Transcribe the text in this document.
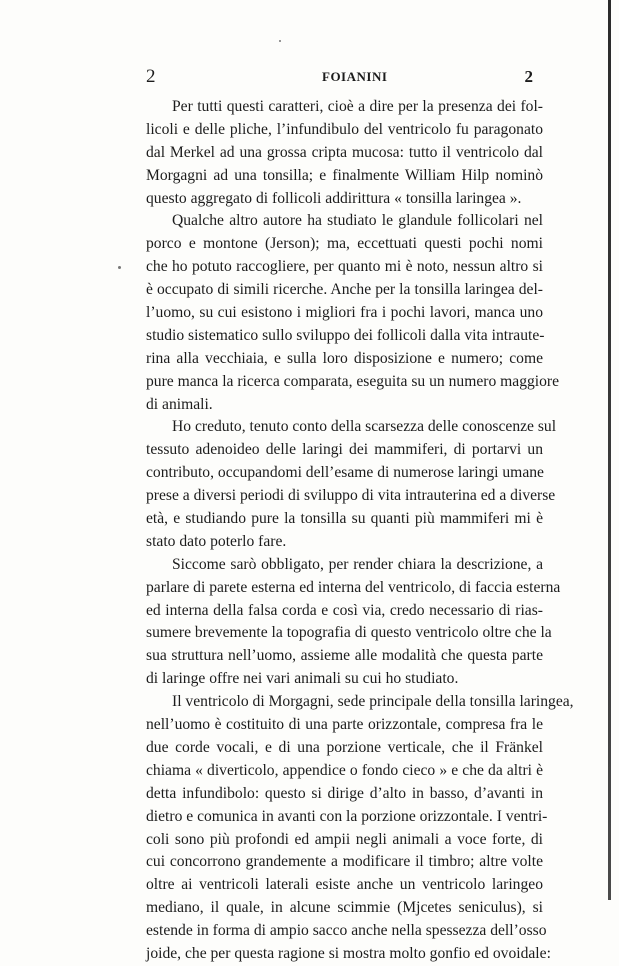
2	FOIANINI	2
Per tutti questi caratteri, cioè a dire per la presenza dei fol-
licoli e delle pliche, l’infundibulo del ventricolo fu paragonato
dal Merkel ad una grossa cripta mucosa: tutto il ventricolo dal
Morgagni ad una tonsilla; e finalmente William Hilp nominò
questo aggregato di follicoli addirittura « tonsilla laringea ».
Qualche altro autore ha studiato le glandule follicolari nel
porco e montone (Jerson); ma, eccettuati questi pochi nomi
che ho potuto raccogliere, per quanto mi è noto, nessun altro si
è occupato di simili ricerche. Anche per la tonsilla laringea del-
l’uomo, su cui esistono i migliori fra i pochi lavori, manca uno
studio sistematico sullo sviluppo dei follicoli dalla vita intraute-
rina alla vecchiaia, e sulla loro disposizione e numero; come
pure manca la ricerca comparata, eseguita su un numero maggiore
di animali.
Ho creduto, tenuto conto della scarsezza delle conoscenze sul
tessuto adenoideo delle laringi dei mammiferi, di portarvi un
contributo, occupandomi dell’esame di numerose laringi umane
prese a diversi periodi di sviluppo di vita intrauterina ed a diverse
età, e studiando pure la tonsilla su quanti più mammiferi mi è
stato dato poterlo fare.
Siccome sarò obbligato, per render chiara la descrizione, a
parlare di parete esterna ed interna del ventricolo, di faccia esterna
ed interna della falsa corda e così via, credo necessario di rias-
sumere brevemente la topografia di questo ventricolo oltre che la
sua struttura nell’uomo, assieme alle modalità che questa parte
di laringe offre nei vari animali su cui ho studiato.
Il ventricolo di Morgagni, sede principale della tonsilla laringea,
nell’uomo è costituito di una parte orizzontale, compresa fra le
due corde vocali, e di una porzione verticale, che il Fränkel
chiama « diverticolo, appendice o fondo cieco » e che da altri è
detta infundibolo: questo si dirige d’alto in basso, d’avanti in
dietro e comunica in avanti con la porzione orizzontale. I ventri-
coli sono più profondi ed ampii negli animali a voce forte, di
cui concorrono grandemente a modificare il timbro; altre volte
oltre ai ventricoli laterali esiste anche un ventricolo laringeo
mediano, il quale, in alcune scimmie (Mjcetes seniculus), si
estende in forma di ampio sacco anche nella spessezza dell’osso
joide, che per questa ragione si mostra molto gonfio ed ovoidale:
